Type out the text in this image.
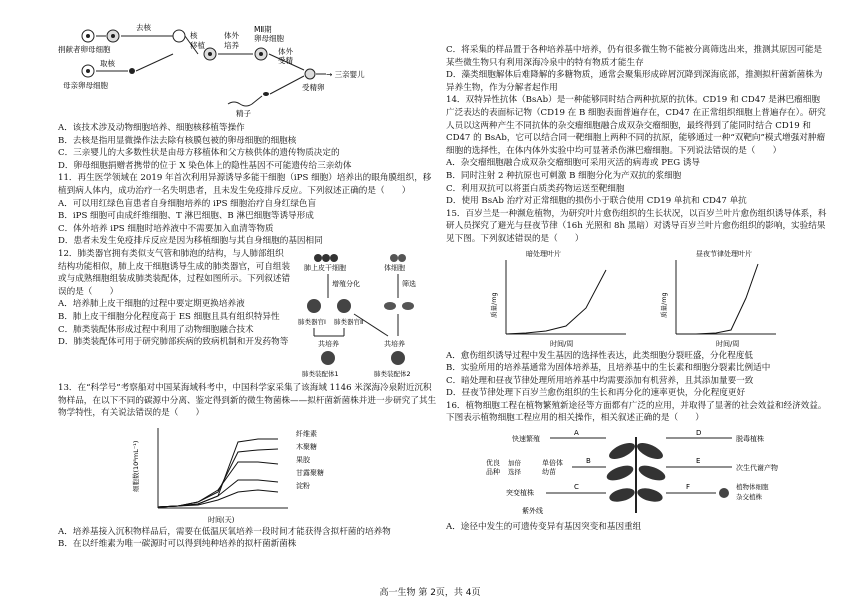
去核
捐献者卵母细胞
取核
母亲卵母细胞
核
移植
体外
培养
MⅡ期
卵母细胞
体外
受精
受精卵
→ 三亲婴儿
精子

A．该技术涉及动物细胞培养、细胞核移植等操作

B．去核是指用显微操作法去除有核膜包被的卵母细胞的细胞核

C．三亲婴儿的大多数性状是由母方移植体和父方核供体的遗传物质决定的

D．卵母细胞捐赠者携带的位于 X 染色体上的隐性基因不可能遗传给三亲幼体

11．再生医学领域在 2019 年首次利用异源诱导多能干细胞（iPS 细胞）培养出的眼角膜组织，移植到病人体内，成功治疗一名失明患者，且未发生免疫排斥反应。下列叙述正确的是（　　）

A．可以用红绿色盲患者自身细胞培养的 iPS 细胞治疗自身红绿色盲

B．iPS 细胞可由成纤维细胞、T 淋巴细胞、B 淋巴细胞等诱导形成

C．体外培养 iPS 细胞时培养液中不需要加入血清等物质

D．患者未发生免疫排斥反应是因为移植细胞与其自身细胞的基因相同

12．肺类器官拥有类似支气管和肺泡的结构，与人肺部组织结构功能相似，肺上皮干细胞诱导生成的肺类器官，可自组装或与成熟细胞组装成肺类装配体，过程如图所示。下列叙述错误的是（　　）

A．培养肺上皮干细胞的过程中要定期更换培养液

B．肺上皮干细胞分化程度高于 ES 细胞且具有组织特异性

C．肺类装配体形成过程中利用了动物细胞融合技术

D．肺类装配体可用于研究肺部疾病的致病机制和开发药物等

肺上皮干细胞	体细胞
增殖分化	筛选
肺类器官Ⅰ 肺类器官Ⅱ
共培养	共培养
肺类装配体1	肺类装配体2

13．在“科学号”考察船对中国某海域科考中，中国科学家采集了该海域 1146 米深海冷泉附近沉积物样品，在以下不同的碳源中分离、鉴定得到新的微生物菌株——拟杆菌新菌株并进一步研究了其生物学特性，有关说法错误的是（　　）

细胞数(10⁸mL⁻¹)
时间(天)
纤维素
木聚糖
果胶
甘露聚糖
淀粉

A．培养基接入沉积物样品后，需要在低温厌氧培养一段时间才能获得含拟杆菌的培养物

B．在以纤维素为唯一碳源时可以得到纯种培养的拟杆菌新菌株

C．将采集的样品置于各种培养基中培养，仍有很多微生物不能被分离筛选出来，推测其原因可能是某些微生物只有利用深海冷泉中的特有物质才能生存

D．藻类细胞解体后难降解的多糖物质，通常会聚集形成碎屑沉降到深海底部，推测拟杆菌新菌株为异养生物，作为分解者起作用

14．双特异性抗体（BsAb）是一种能够同时结合两种抗原的抗体。CD19 和 CD47 是淋巴瘤细胞广泛表达的表面标记物（CD19 在 B 细胞表面普遍存在，CD47 在正常组织细胞上普遍存在）。研究人员以这两种产生不同抗体的杂交瘤细胞融合成双杂交瘤细胞，最终得到了能同时结合 CD19 和 CD47 的 BsAb，它可以结合同一靶细胞上两种不同的抗原，能够通过一种“双靶向”模式增强对肿瘤细胞的选择性，在体内体外实验中均可显著杀伤淋巴瘤细胞。下列说法错误的是（　　）

A．杂交瘤细胞融合成双杂交瘤细胞可采用灭活的病毒或 PEG 诱导

B．同时注射 2 种抗原也可刺激 B 细胞分化为产双抗的浆细胞

C．利用双抗可以将蛋白质类药物运送至靶细胞

D．使用 BsAb 治疗对正常细胞的损伤小于联合使用 CD19 单抗和 CD47 单抗

15．百岁兰是一种濒危植物，为研究叶片愈伤组织的生长状况，以百岁兰叶片愈伤组织诱导体系，科研人员探究了避光与昼夜节律（16h 光照和 8h 黑暗）对诱导百岁兰叶片愈伤组织的影响，实验结果见下图。下列叙述错误的是（　　）

暗处理叶片
质量/mg
时间/周
昼夜节律处理叶片
质量/mg
时间/周

A．愈伤组织诱导过程中发生基因的选择性表达，此类细胞分裂旺盛，分化程度低

B．实验所用的培养基通常为固体培养基，且培养基中的生长素和细胞分裂素比例适中

C．暗处理和昼夜节律处理所用培养基中均需要添加有机营养，且其添加量要一致

D．昼夜节律处理下百岁兰愈伤组织的生长和再分化的速率更快，分化程度更好

16．植物细胞工程在植物繁殖新途径等方面都有广泛的应用，并取得了显著的社会效益和经济效益。下图表示植物细胞工程应用的相关操作，相关叙述正确的是（　　）

快速繁殖
A
优良
品种
加倍
选择
单倍体
幼苗
B
突变植株
C
紫外线
D
脱毒植株
E
次生代谢产物
F	植物体细胞
杂交植株

A．途径中发生的可遗传变异有基因突变和基因重组

高一生物 第 2页，共 4页
